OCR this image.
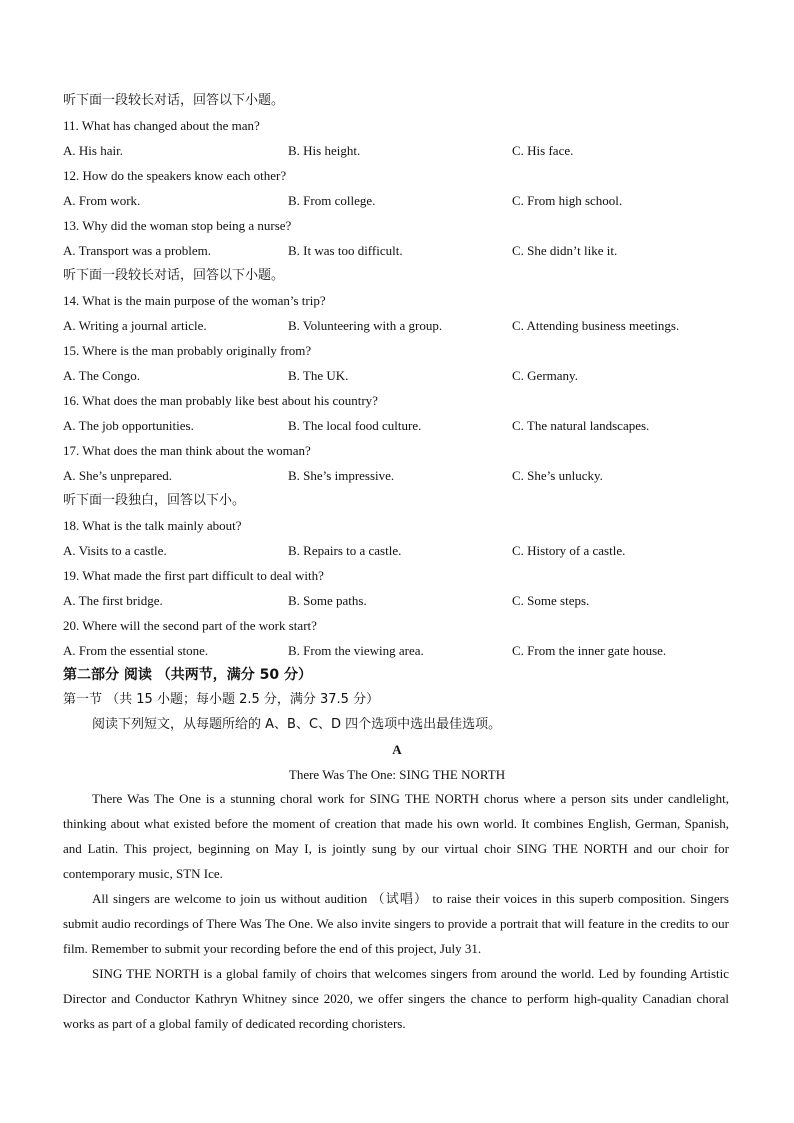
听下面一段较长对话，回答以下小题。
11. What has changed about the man?
A. His hair.	B. His height.	C. His face.
12. How do the speakers know each other?
A. From work.	B. From college.	C. From high school.
13. Why did the woman stop being a nurse?
A. Transport was a problem.	B. It was too difficult.	C. She didn’t like it.
听下面一段较长对话，回答以下小题。
14. What is the main purpose of the woman’s trip?
A. Writing a journal article.	B. Volunteering with a group.	C. Attending business meetings.
15. Where is the man probably originally from?
A. The Congo.	B. The UK.	C. Germany.
16. What does the man probably like best about his country?
A. The job opportunities.	B. The local food culture.	C. The natural landscapes.
17. What does the man think about the woman?
A. She’s unprepared.	B. She’s impressive.	C. She’s unlucky.
听下面一段独白，回答以下小。
18. What is the talk mainly about?
A. Visits to a castle.	B. Repairs to a castle.	C. History of a castle.
19. What made the first part difficult to deal with?
A. The first bridge.	B. Some paths.	C. Some steps.
20. Where will the second part of the work start?
A. From the essential stone.	B. From the viewing area.	C. From the inner gate house.
第二部分 阅读 （共两节，满分 50 分）
第一节 （共 15 小题；每小题 2.5 分，满分 37.5 分）
阅读下列短文，从每题所给的 A、B、C、D 四个选项中选出最佳选项。
A
There Was The One: SING THE NORTH

There Was The One is a stunning choral work for SING THE NORTH chorus where a person sits under candlelight, thinking about what existed before the moment of creation that made his own world. It combines English, German, Spanish, and Latin. This project, beginning on May I, is jointly sung by our virtual choir SING THE NORTH and our choir for contemporary music, STN Ice.

All singers are welcome to join us without audition （试唱） to raise their voices in this superb composition. Singers submit audio recordings of There Was The One. We also invite singers to provide a portrait that will feature in the credits to our film. Remember to submit your recording before the end of this project, July 31.

SING THE NORTH is a global family of choirs that welcomes singers from around the world. Led by founding Artistic Director and Conductor Kathryn Whitney since 2020, we offer singers the chance to perform high-quality Canadian choral works as part of a global family of dedicated recording choristers.
